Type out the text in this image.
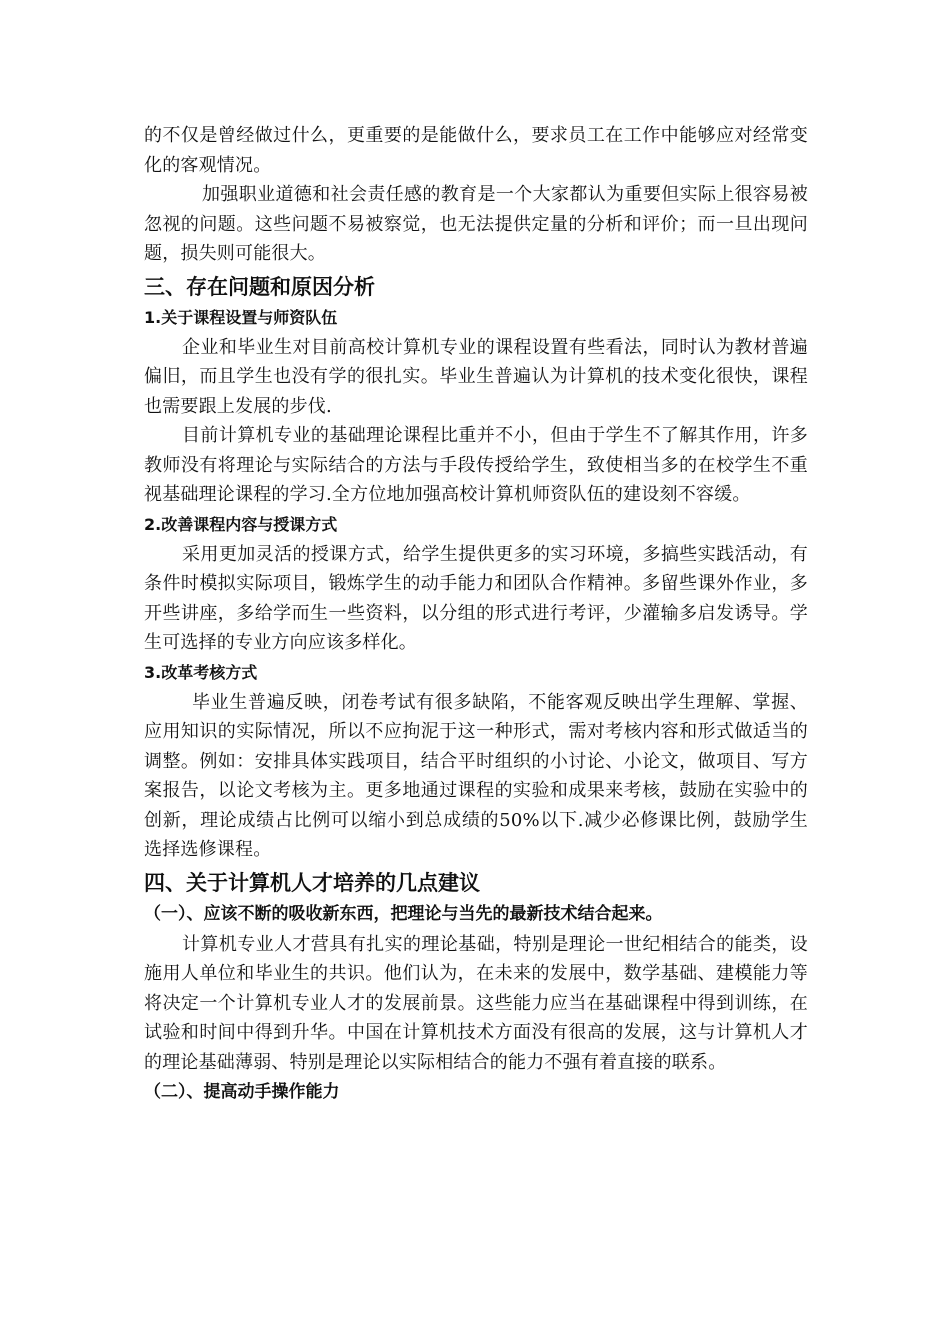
的不仅是曾经做过什么，更重要的是能做什么，要求员工在工作中能够应对经常变化的客观情况。

加强职业道德和社会责任感的教育是一个大家都认为重要但实际上很容易被忽视的问题。这些问题不易被察觉，也无法提供定量的分析和评价；而一旦出现问题，损失则可能很大。

三、存在问题和原因分析
1.关于课程设置与师资队伍

企业和毕业生对目前高校计算机专业的课程设置有些看法，同时认为教材普遍偏旧，而且学生也没有学的很扎实。毕业生普遍认为计算机的技术变化很快，课程也需要跟上发展的步伐.

目前计算机专业的基础理论课程比重并不小，但由于学生不了解其作用，许多教师没有将理论与实际结合的方法与手段传授给学生，致使相当多的在校学生不重视基础理论课程的学习.全方位地加强高校计算机师资队伍的建设刻不容缓。

2.改善课程内容与授课方式

采用更加灵活的授课方式，给学生提供更多的实习环境，多搞些实践活动，有条件时模拟实际项目，锻炼学生的动手能力和团队合作精神。多留些课外作业，多开些讲座，多给学而生一些资料，以分组的形式进行考评，少灌输多启发诱导。学生可选择的专业方向应该多样化。

3.改革考核方式

毕业生普遍反映，闭卷考试有很多缺陷，不能客观反映出学生理解、掌握、应用知识的实际情况，所以不应拘泥于这一种形式，需对考核内容和形式做适当的调整。例如：安排具体实践项目，结合平时组织的小讨论、小论文，做项目、写方案报告，以论文考核为主。更多地通过课程的实验和成果来考核，鼓励在实验中的创新，理论成绩占比例可以缩小到总成绩的50%以下.减少必修课比例，鼓励学生选择选修课程。

四、关于计算机人才培养的几点建议
（一）、应该不断的吸收新东西，把理论与当先的最新技术结合起来。

计算机专业人才营具有扎实的理论基础，特别是理论一世纪相结合的能类，设施用人单位和毕业生的共识。他们认为，在未来的发展中，数学基础、建模能力等将决定一个计算机专业人才的发展前景。这些能力应当在基础课程中得到训练，在试验和时间中得到升华。中国在计算机技术方面没有很高的发展，这与计算机人才的理论基础薄弱、特别是理论以实际相结合的能力不强有着直接的联系。

（二）、提高动手操作能力
